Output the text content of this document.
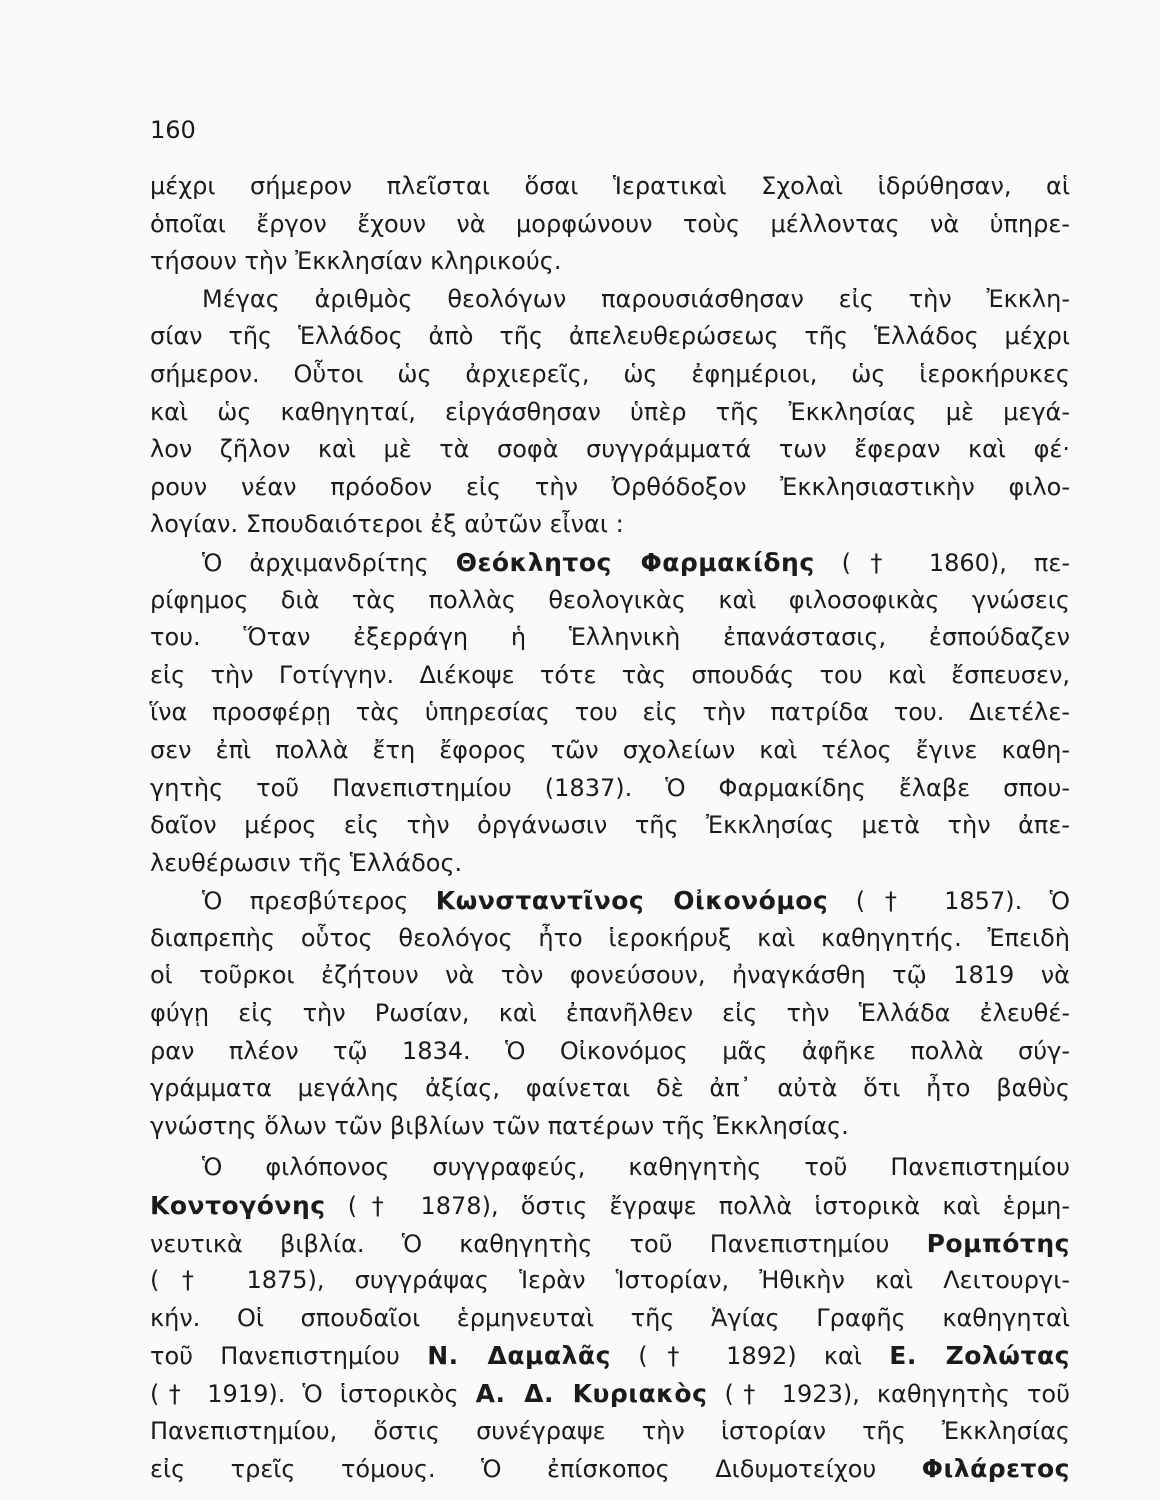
160
μέχρι σήμερον πλεῖσται ὅσαι Ἱερατικαὶ Σχολαὶ ἱδρύθησαν, αἱ
ὁποῖαι ἔργον ἔχουν νὰ μορφώνουν τοὺς μέλλοντας νὰ ὑπηρε-
τήσουν τὴν Ἐκκλησίαν κληρικούς.
Μέγας ἀριθμὸς θεολόγων παρουσιάσθησαν εἰς τὴν Ἐκκλη-
σίαν τῆς Ἑλλάδος ἀπὸ τῆς ἀπελευθερώσεως τῆς Ἑλλάδος μέχρι
σήμερον. Οὗτοι ὡς ἀρχιερεῖς, ὡς ἐφημέριοι, ὡς ἱεροκήρυκες
καὶ ὡς καθηγηταί, εἰργάσθησαν ὑπὲρ τῆς Ἐκκλησίας μὲ μεγά-
λον ζῆλον καὶ μὲ τὰ σοφὰ συγγράμματά των ἔφεραν καὶ φέ·
ρουν νέαν πρόοδον εἰς τὴν Ὀρθόδοξον Ἐκκλησιαστικὴν φιλο-
λογίαν. Σπουδαιότεροι ἐξ αὐτῶν εἶναι :
Ὁ ἀρχιμανδρίτης Θεόκλητος Φαρμακίδης († 1860), πε-
ρίφημος διὰ τὰς πολλὰς θεολογικὰς καὶ φιλοσοφικὰς γνώσεις
του. Ὅταν ἐξερράγη ἡ Ἑλληνικὴ ἐπανάστασις, ἐσπούδαζεν
εἰς τὴν Γοτίγγην. Διέκοψε τότε τὰς σπουδάς του καὶ ἔσπευσεν,
ἵνα προσφέρῃ τὰς ὑπηρεσίας του εἰς τὴν πατρίδα του. Διετέλε-
σεν ἐπὶ πολλὰ ἔτη ἔφορος τῶν σχολείων καὶ τέλος ἔγινε καθη-
γητὴς τοῦ Πανεπιστημίου (1837). Ὁ Φαρμακίδης ἔλαβε σπου-
δαῖον μέρος εἰς τὴν ὀργάνωσιν τῆς Ἐκκλησίας μετὰ τὴν ἀπε-
λευθέρωσιν τῆς Ἑλλάδος.
Ὁ πρεσβύτερος Κωνσταντῖνος Οἰκονόμος († 1857). Ὁ
διαπρεπὴς οὗτος θεολόγος ἦτο ἱεροκήρυξ καὶ καθηγητής. Ἐπειδὴ
οἱ τοῦρκοι ἐζήτουν νὰ τὸν φονεύσουν, ἠναγκάσθη τῷ 1819 νὰ
φύγῃ εἰς τὴν Ρωσίαν, καὶ ἐπανῆλθεν εἰς τὴν Ἑλλάδα ἐλευθέ-
ραν πλέον τῷ 1834. Ὁ Οἰκονόμος μᾶς ἀφῆκε πολλὰ σύγ-
γράμματα μεγάλης ἀξίας, φαίνεται δὲ ἀπ᾽ αὐτὰ ὅτι ἦτο βαθὺς
γνώστης ὅλων τῶν βιβλίων τῶν πατέρων τῆς Ἐκκλησίας.
Ὁ φιλόπονος συγγραφεύς, καθηγητὴς τοῦ Πανεπιστημίου
Κοντογόνης († 1878), ὅστις ἔγραψε πολλὰ ἱστορικὰ καὶ ἑρμη-
νευτικὰ βιβλία. Ὁ καθηγητὴς τοῦ Πανεπιστημίου Ρομπότης
(† 1875), συγγράψας Ἱερὰν Ἱστορίαν, Ἠθικὴν καὶ Λειτουργι-
κήν. Οἱ σπουδαῖοι ἑρμηνευταὶ τῆς Ἁγίας Γραφῆς καθηγηταὶ
τοῦ Πανεπιστημίου Ν. Δαμαλᾶς († 1892) καὶ Ε. Ζολώτας
(† 1919). Ὁ ἱστορικὸς Α. Δ. Κυριακὸς († 1923), καθηγητὴς τοῦ
Πανεπιστημίου, ὅστις συνέγραψε τὴν ἱστορίαν τῆς Ἐκκλησίας
εἰς τρεῖς τόμους. Ὁ ἐπίσκοπος Διδυμοτείχου Φιλάρετος
